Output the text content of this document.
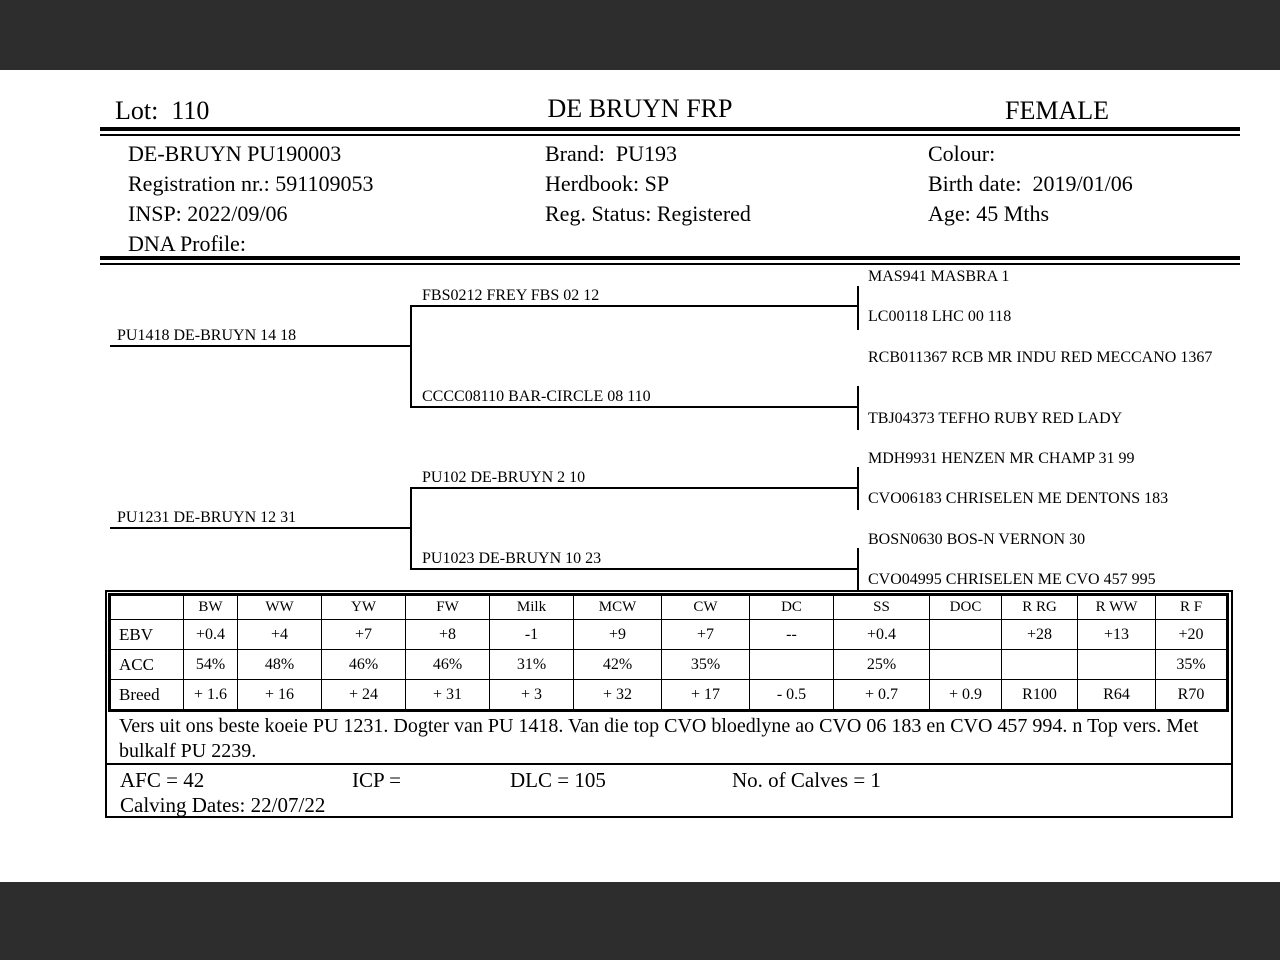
Lot:  110	DE BRUYN FRP	FEMALE
DE-BRUYN PU190003
Registration nr.: 591109053
INSP: 2022/09/06
DNA Profile:
Brand:  PU193
Herdbook: SP
Reg. Status: Registered
Colour:
Birth date:  2019/01/06
Age: 45 Mths
PU1418 DE-BRUYN 14 18
PU1231 DE-BRUYN 12 31
FBS0212 FREY FBS 02 12
CCCC08110 BAR-CIRCLE 08 110
PU102 DE-BRUYN 2 10
PU1023 DE-BRUYN 10 23
MAS941 MASBRA 1
LC00118 LHC 00 118
RCB011367 RCB MR INDU RED MECCANO 1367
TBJ04373 TEFHO RUBY RED LADY
MDH9931 HENZEN MR CHAMP 31 99
CVO06183 CHRISELEN ME DENTONS 183
BOSN0630 BOS-N VERNON 30
CVO04995 CHRISELEN ME CVO 457 995
	BW	WW	YW	FW	Milk	MCW	CW	DC	SS	DOC	R RG	R WW	R F
EBV	+0.4	+4	+7	+8	-1	+9	+7	--	+0.4		+28	+13	+20
ACC	54%	48%	46%	46%	31%	42%	35%		25%				35%
Breed	+ 1.6	+ 16	+ 24	+ 31	+ 3	+ 32	+ 17	- 0.5	+ 0.7	+ 0.9	R100	R64	R70
Vers uit ons beste koeie PU 1231. Dogter van PU 1418. Van die top CVO bloedlyne ao CVO 06 183 en CVO 457 994. n Top vers. Met bulkalf PU 2239.
AFC = 42	ICP =	DLC = 105	No. of Calves = 1
Calving Dates: 22/07/22
